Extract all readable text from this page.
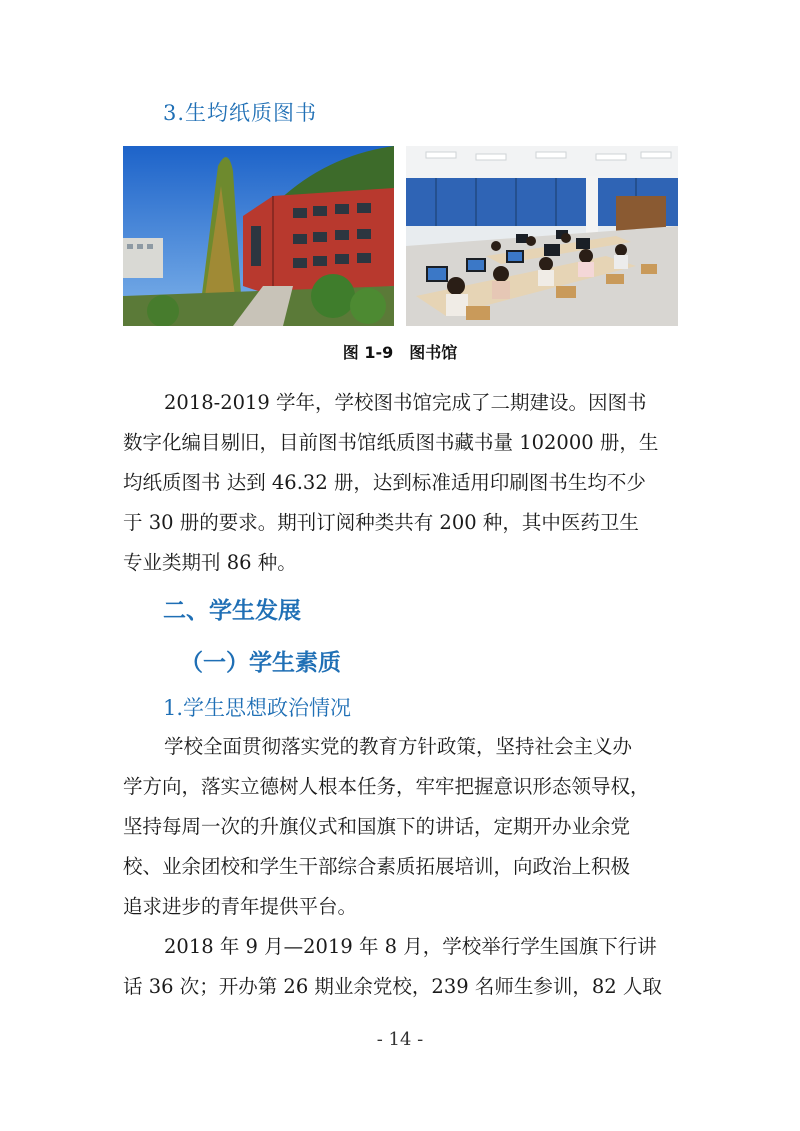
3.生均纸质图书
图 1-9　图书馆
2018-2019 学年，学校图书馆完成了二期建设。因图书
数字化编目剔旧，目前图书馆纸质图书藏书量 102000 册，生
均纸质图书 达到 46.32 册，达到标准适用印刷图书生均不少
于 30 册的要求。期刊订阅种类共有 200 种，其中医药卫生
专业类期刊 86 种。
二、学生发展
（一）学生素质
1.学生思想政治情况
学校全面贯彻落实党的教育方针政策，坚持社会主义办
学方向，落实立德树人根本任务，牢牢把握意识形态领导权，
坚持每周一次的升旗仪式和国旗下的讲话，定期开办业余党
校、业余团校和学生干部综合素质拓展培训，向政治上积极
追求进步的青年提供平台。
2018 年 9 月—2019 年 8 月，学校举行学生国旗下行讲
话 36 次；开办第 26 期业余党校，239 名师生参训，82 人取
- 14 -
